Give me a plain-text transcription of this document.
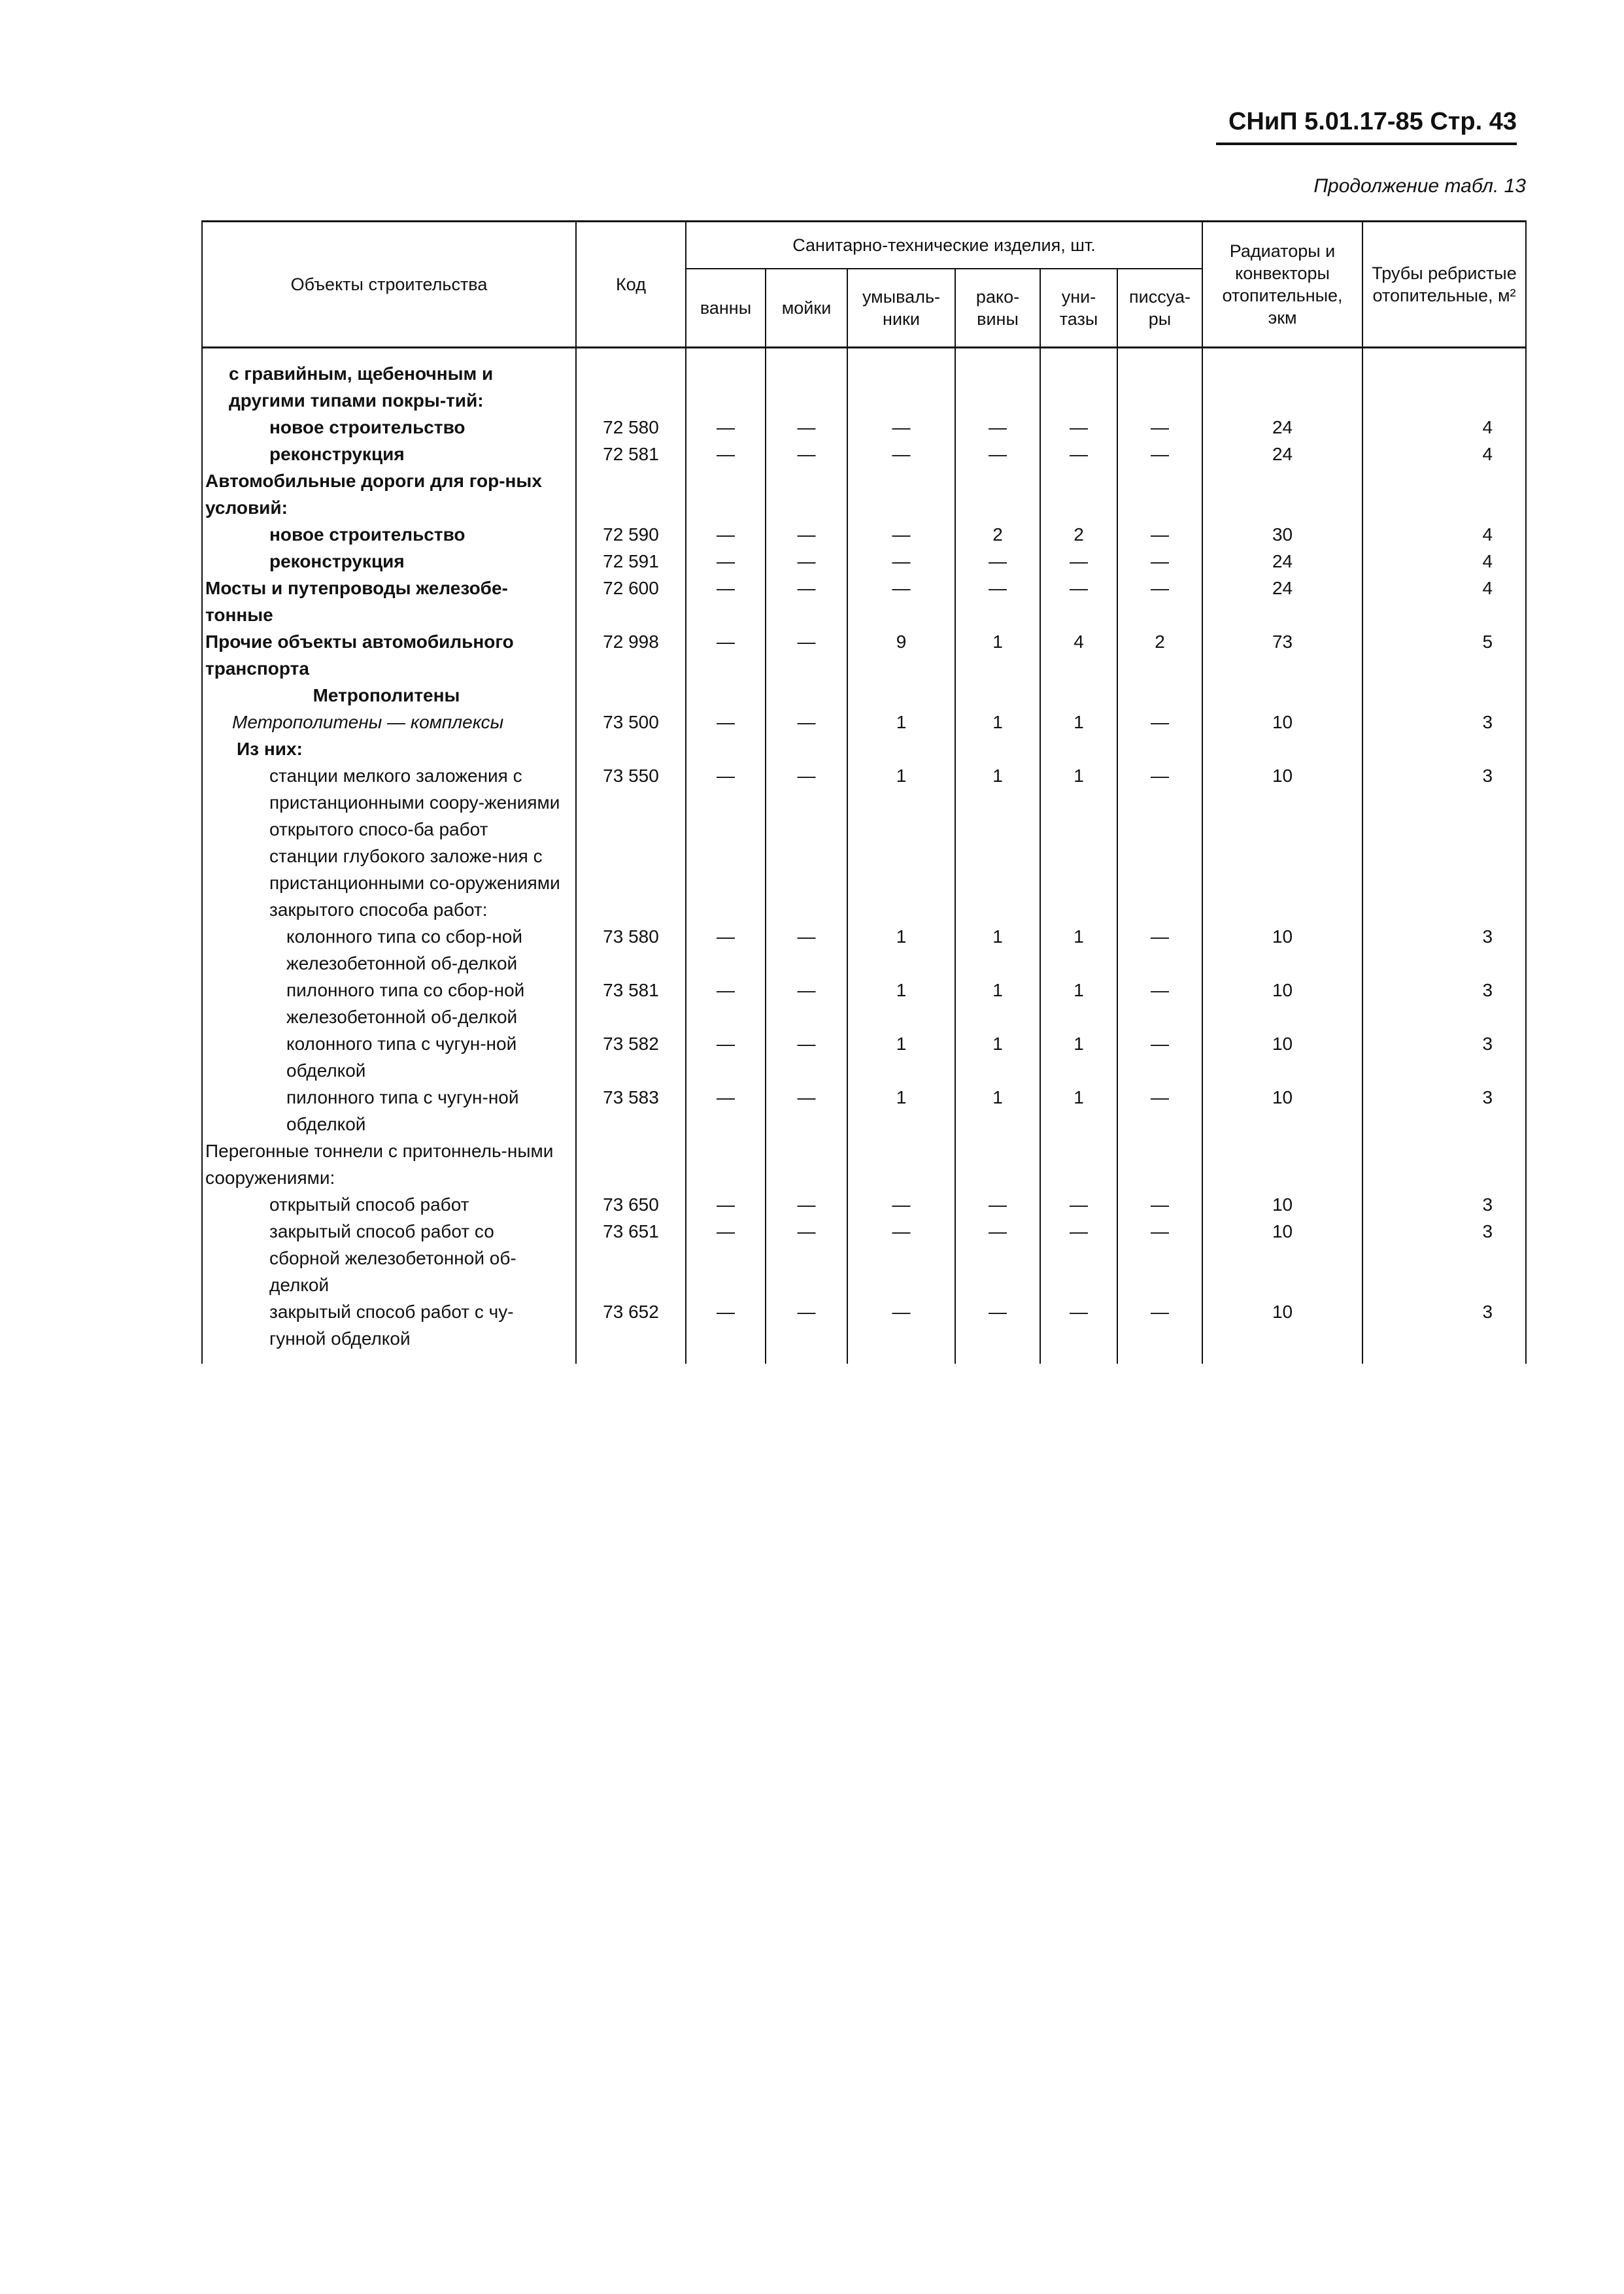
СНиП 5.01.17-85 Стр. 43
Продолжение табл. 13
Объекты строительства	Код	Санитарно-технические изделия, шт.						Радиаторы и конвекторы отопительные, экм	Трубы ребристые отопительные, м²
		ванны	мойки	умываль-ники	рако-вины	уни-тазы	писсуа-ры		
с гравийным, щебеночным и другими типами покры-тий:									
новое строительство	72 580	—	—	—	—	—	—	24	4
реконструкция	72 581	—	—	—	—	—	—	24	4
Автомобильные дороги для гор-ных условий:									
новое строительство	72 590	—	—	—	2	2	—	30	4
реконструкция	72 591	—	—	—	—	—	—	24	4
Мосты и путепроводы железобе-тонные	72 600	—	—	—	—	—	—	24	4
Прочие объекты автомобильного транспорта	72 998	—	—	9	1	4	2	73	5
Метрополитены									
Метрополитены — комплексы	73 500	—	—	1	1	1	—	10	3
Из них:									
станции мелкого заложения с пристанционными соору-жениями открытого спосо-ба работ	73 550	—	—	1	1	1	—	10	3
станции глубокого заложе-ния с пристанционными со-оружениями закрытого способа работ:									
колонного типа со сбор-ной железобетонной об-делкой	73 580	—	—	1	1	1	—	10	3
пилонного типа со сбор-ной железобетонной об-делкой	73 581	—	—	1	1	1	—	10	3
колонного типа с чугун-ной обделкой	73 582	—	—	1	1	1	—	10	3
пилонного типа с чугун-ной обделкой	73 583	—	—	1	1	1	—	10	3
Перегонные тоннели с притоннель-ными сооружениями:									
открытый способ работ	73 650	—	—	—	—	—	—	10	3
закрытый способ работ со сборной железобетонной об-делкой	73 651	—	—	—	—	—	—	10	3
закрытый способ работ с чу-гунной обделкой	73 652	—	—	—	—	—	—	10	3
